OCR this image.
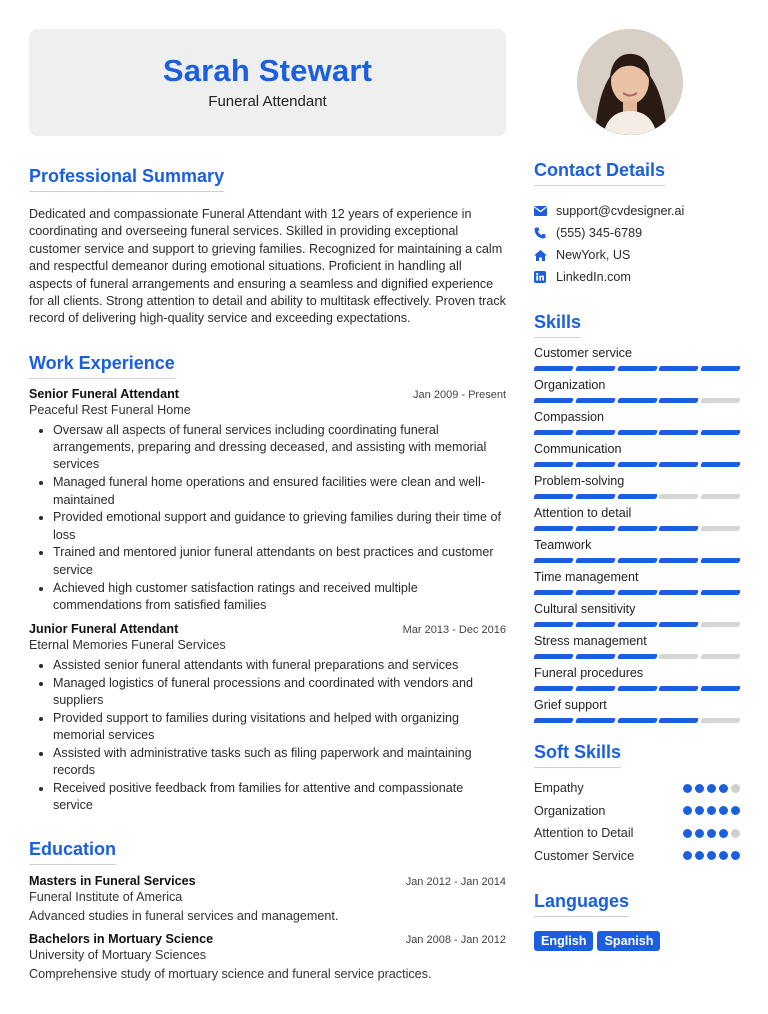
Sarah Stewart
Funeral Attendant
Professional Summary

Dedicated and compassionate Funeral Attendant with 12 years of experience in coordinating and overseeing funeral services. Skilled in providing exceptional customer service and support to grieving families. Recognized for maintaining a calm and respectful demeanor during emotional situations. Proficient in handling all aspects of funeral arrangements and ensuring a seamless and dignified experience for all clients. Strong attention to detail and ability to multitask effectively. Proven track record of delivering high-quality service and exceeding expectations.

Work Experience
Senior Funeral Attendant	Jan 2009 - Present
Peaceful Rest Funeral Home
• Oversaw all aspects of funeral services including coordinating funeral arrangements, preparing and dressing deceased, and assisting with memorial services
• Managed funeral home operations and ensured facilities were clean and well-maintained
• Provided emotional support and guidance to grieving families during their time of loss
• Trained and mentored junior funeral attendants on best practices and customer service
• Achieved high customer satisfaction ratings and received multiple commendations from satisfied families
Junior Funeral Attendant	Mar 2013 - Dec 2016
Eternal Memories Funeral Services
• Assisted senior funeral attendants with funeral preparations and services
• Managed logistics of funeral processions and coordinated with vendors and suppliers
• Provided support to families during visitations and helped with organizing memorial services
• Assisted with administrative tasks such as filing paperwork and maintaining records
• Received positive feedback from families for attentive and compassionate service
Education
Masters in Funeral Services	Jan 2012 - Jan 2014
Funeral Institute of America
Advanced studies in funeral services and management.
Bachelors in Mortuary Science	Jan 2008 - Jan 2012
University of Mortuary Sciences
Comprehensive study of mortuary science and funeral service practices.
Contact Details
support@cvdesigner.ai
(555) 345-6789
NewYork, US
LinkedIn.com
Skills
Customer service
Organization
Compassion
Communication
Problem-solving
Attention to detail
Teamwork
Time management
Cultural sensitivity
Stress management
Funeral procedures
Grief support
Soft Skills
Empathy
Organization
Attention to Detail
Customer Service
Languages
English	Spanish
